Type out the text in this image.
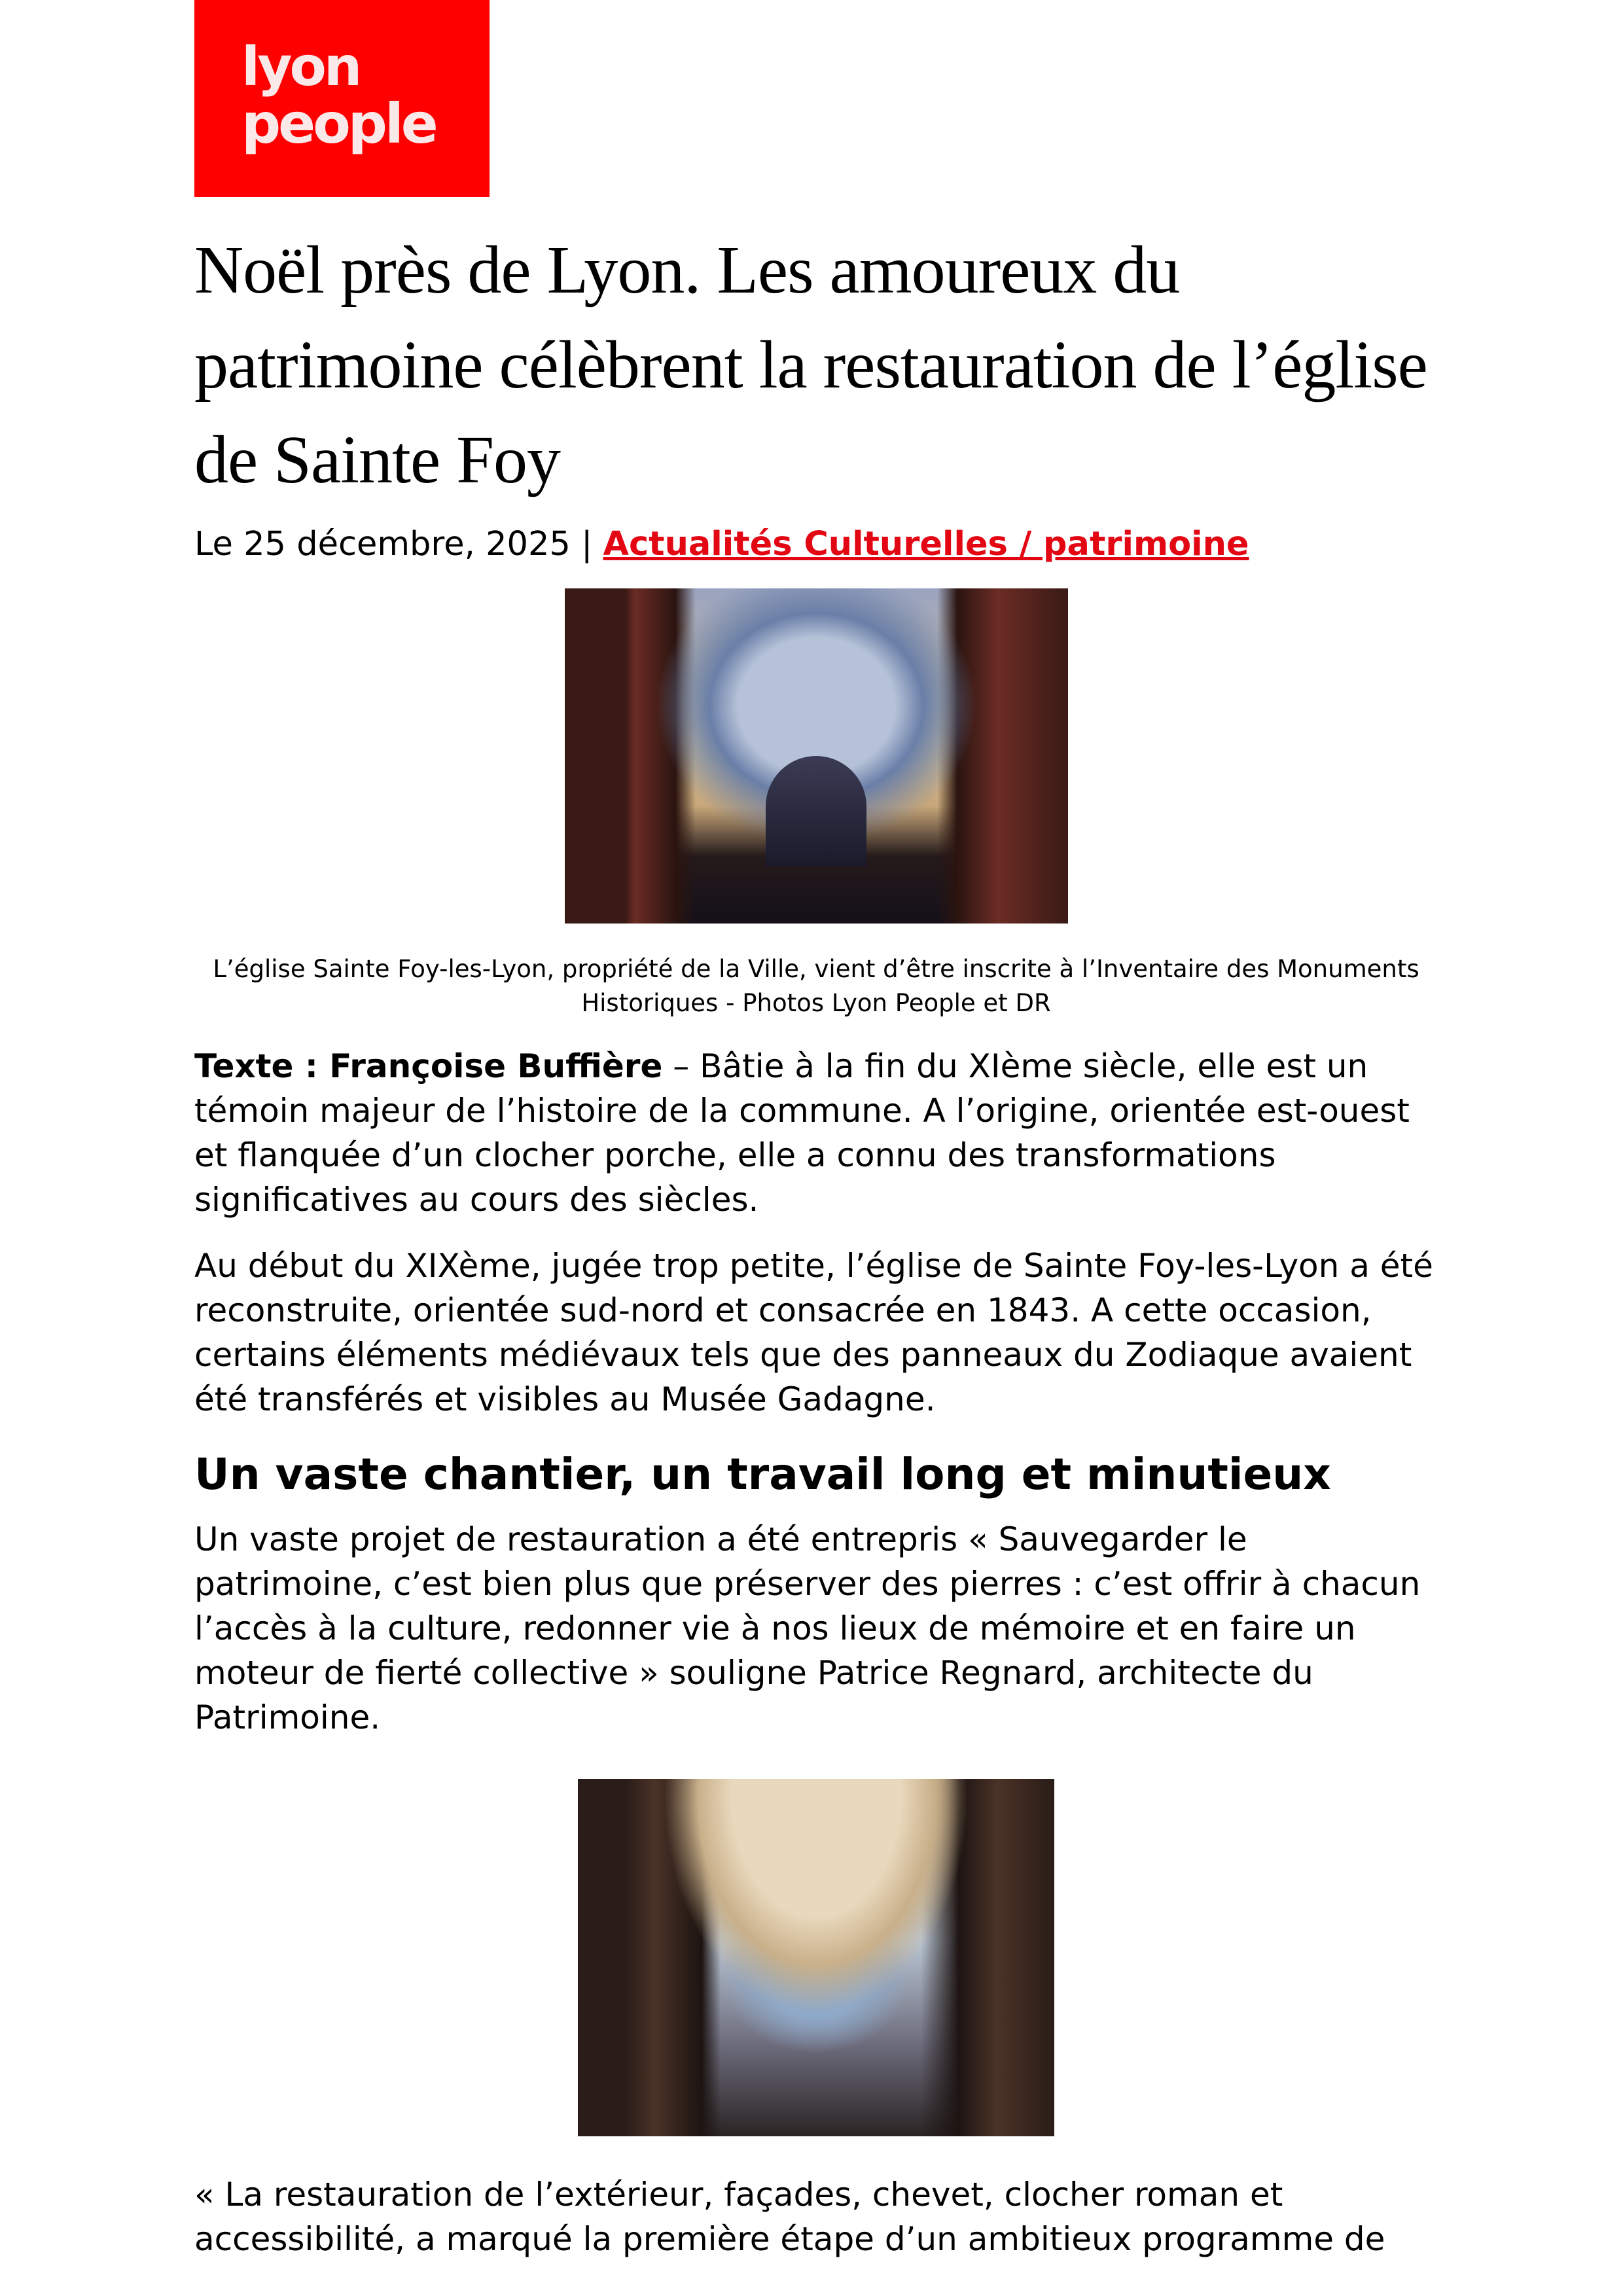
lyon
people
Noël près de Lyon. Les amoureux du patrimoine célèbrent la restauration de l’église de Sainte Foy
Le 25 décembre, 2025 | Actualités Culturelles / patrimoine
L’église Sainte Foy-les-Lyon, propriété de la Ville, vient d’être inscrite à l’Inventaire des Monuments Historiques - Photos Lyon People et DR

Texte : Françoise Buffière – Bâtie à la fin du XIème siècle, elle est un témoin majeur de l’histoire de la commune. A l’origine, orientée est-ouest et flanquée d’un clocher porche, elle a connu des transformations significatives au cours des siècles.

Au début du XIXème, jugée trop petite, l’église de Sainte Foy-les-Lyon a été reconstruite, orientée sud-nord et consacrée en 1843. A cette occasion, certains éléments médiévaux tels que des panneaux du Zodiaque avaient été transférés et visibles au Musée Gadagne.

Un vaste chantier, un travail long et minutieux

Un vaste projet de restauration a été entrepris « Sauvegarder le patrimoine, c’est bien plus que préserver des pierres : c’est offrir à chacun l’accès à la culture, redonner vie à nos lieux de mémoire et en faire un moteur de fierté collective » souligne Patrice Regnard, architecte du Patrimoine.

« La restauration de l’extérieur, façades, chevet, clocher roman et accessibilité, a marqué la première étape d’un ambitieux programme de
